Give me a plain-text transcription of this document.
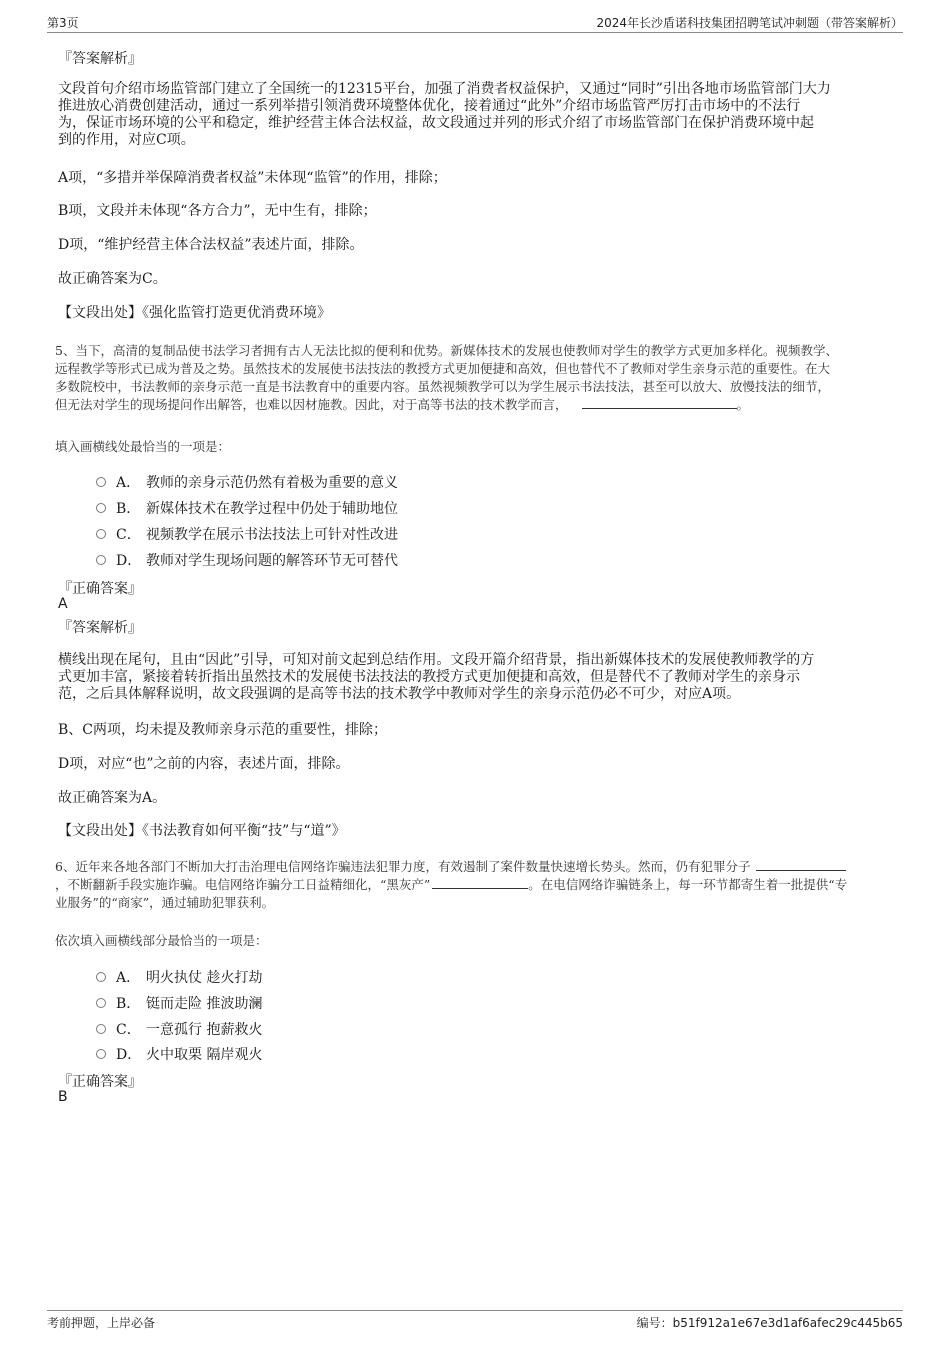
第3页	2024年长沙盾诺科技集团招聘笔试冲刺题（带答案解析）
『答案解析』
文段首句介绍市场监管部门建立了全国统一的12315平台，加强了消费者权益保护，又通过“同时”引出各地市场监管部门大力
推进放心消费创建活动，通过一系列举措引领消费环境整体优化，接着通过“此外”介绍市场监管严厉打击市场中的不法行
为，保证市场环境的公平和稳定，维护经营主体合法权益，故文段通过并列的形式介绍了市场监管部门在保护消费环境中起
到的作用，对应C项。
A项，“多措并举保障消费者权益”未体现“监管”的作用，排除；
B项，文段并未体现“各方合力”，无中生有，排除；
D项，“维护经营主体合法权益”表述片面，排除。
故正确答案为C。
【文段出处】《强化监管打造更优消费环境》
5、当下，高清的复制品使书法学习者拥有古人无法比拟的便利和优势。新媒体技术的发展也使教师对学生的教学方式更加多样化。视频教学、
远程教学等形式已成为普及之势。虽然技术的发展使书法技法的教授方式更加便捷和高效，但也替代不了教师对学生亲身示范的重要性。在大
多数院校中，书法教师的亲身示范一直是书法教育中的重要内容。虽然视频教学可以为学生展示书法技法，甚至可以放大、放慢技法的细节，
但无法对学生的现场提问作出解答，也难以因材施教。因此，对于高等书法的技术教学而言，	。
填入画横线处最恰当的一项是：
A． 教师的亲身示范仍然有着极为重要的意义
B． 新媒体技术在教学过程中仍处于辅助地位
C． 视频教学在展示书法技法上可针对性改进
D． 教师对学生现场问题的解答环节无可替代
『正确答案』
A
『答案解析』
横线出现在尾句，且由“因此”引导，可知对前文起到总结作用。文段开篇介绍背景，指出新媒体技术的发展使教师教学的方
式更加丰富，紧接着转折指出虽然技术的发展使书法技法的教授方式更加便捷和高效，但是替代不了教师对学生的亲身示
范，之后具体解释说明，故文段强调的是高等书法的技术教学中教师对学生的亲身示范仍必不可少，对应A项。
B、C两项，均未提及教师亲身示范的重要性，排除；
D项，对应“也”之前的内容，表述片面，排除。
故正确答案为A。
【文段出处】《书法教育如何平衡“技”与“道”》
6、近年来各地各部门不断加大打击治理电信网络诈骗违法犯罪力度，有效遏制了案件数量快速增长势头。然而，仍有犯罪分子
，不断翻新手段实施诈骗。电信网络诈骗分工日益精细化，“黑灰产”	。在电信网络诈骗链条上，每一环节都寄生着一批提供“专
业服务”的“商家”，通过辅助犯罪获利。
依次填入画横线部分最恰当的一项是：
A． 明火执仗 趁火打劫
B． 铤而走险 推波助澜
C． 一意孤行 抱薪救火
D． 火中取栗 隔岸观火
『正确答案』
B
考前押题，上岸必备	编号：b51f912a1e67e3d1af6afec29c445b65
